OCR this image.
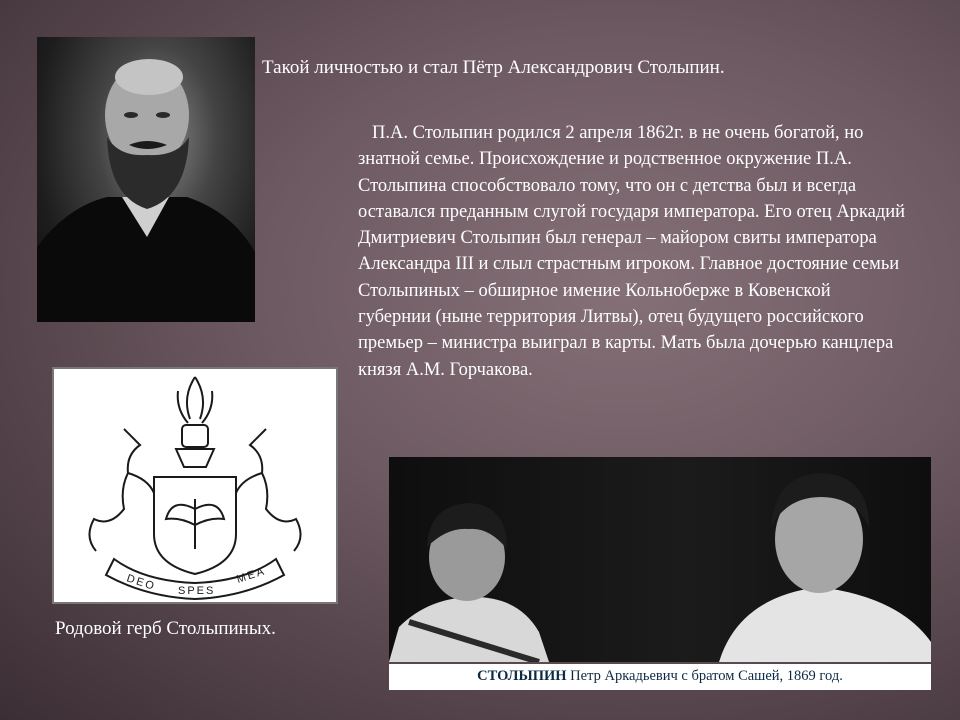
Такой личностью и стал Пётр Александрович Столыпин.

П.А. Столыпин родился 2 апреля 1862г. в не очень богатой, но знатной семье. Происхождение и родственное окружение П.А. Столыпина способствовало тому, что он с детства был и всегда оставался преданным слугой государя императора. Его отец Аркадий Дмитриевич Столыпин был генерал – майором свиты императора Александра III и слыл страстным игроком. Главное достояние семьи Столыпиных – обширное имение Кольноберже в Ковенской губернии (ныне территория Литвы), отец будущего российского премьер – министра выиграл в карты. Мать была дочерью канцлера князя А.М. Горчакова.

DEO SPES
MEA

Родовой герб Столыпиных.

СТОЛЫПИН Петр Аркадьевич с братом Сашей, 1869 год.
